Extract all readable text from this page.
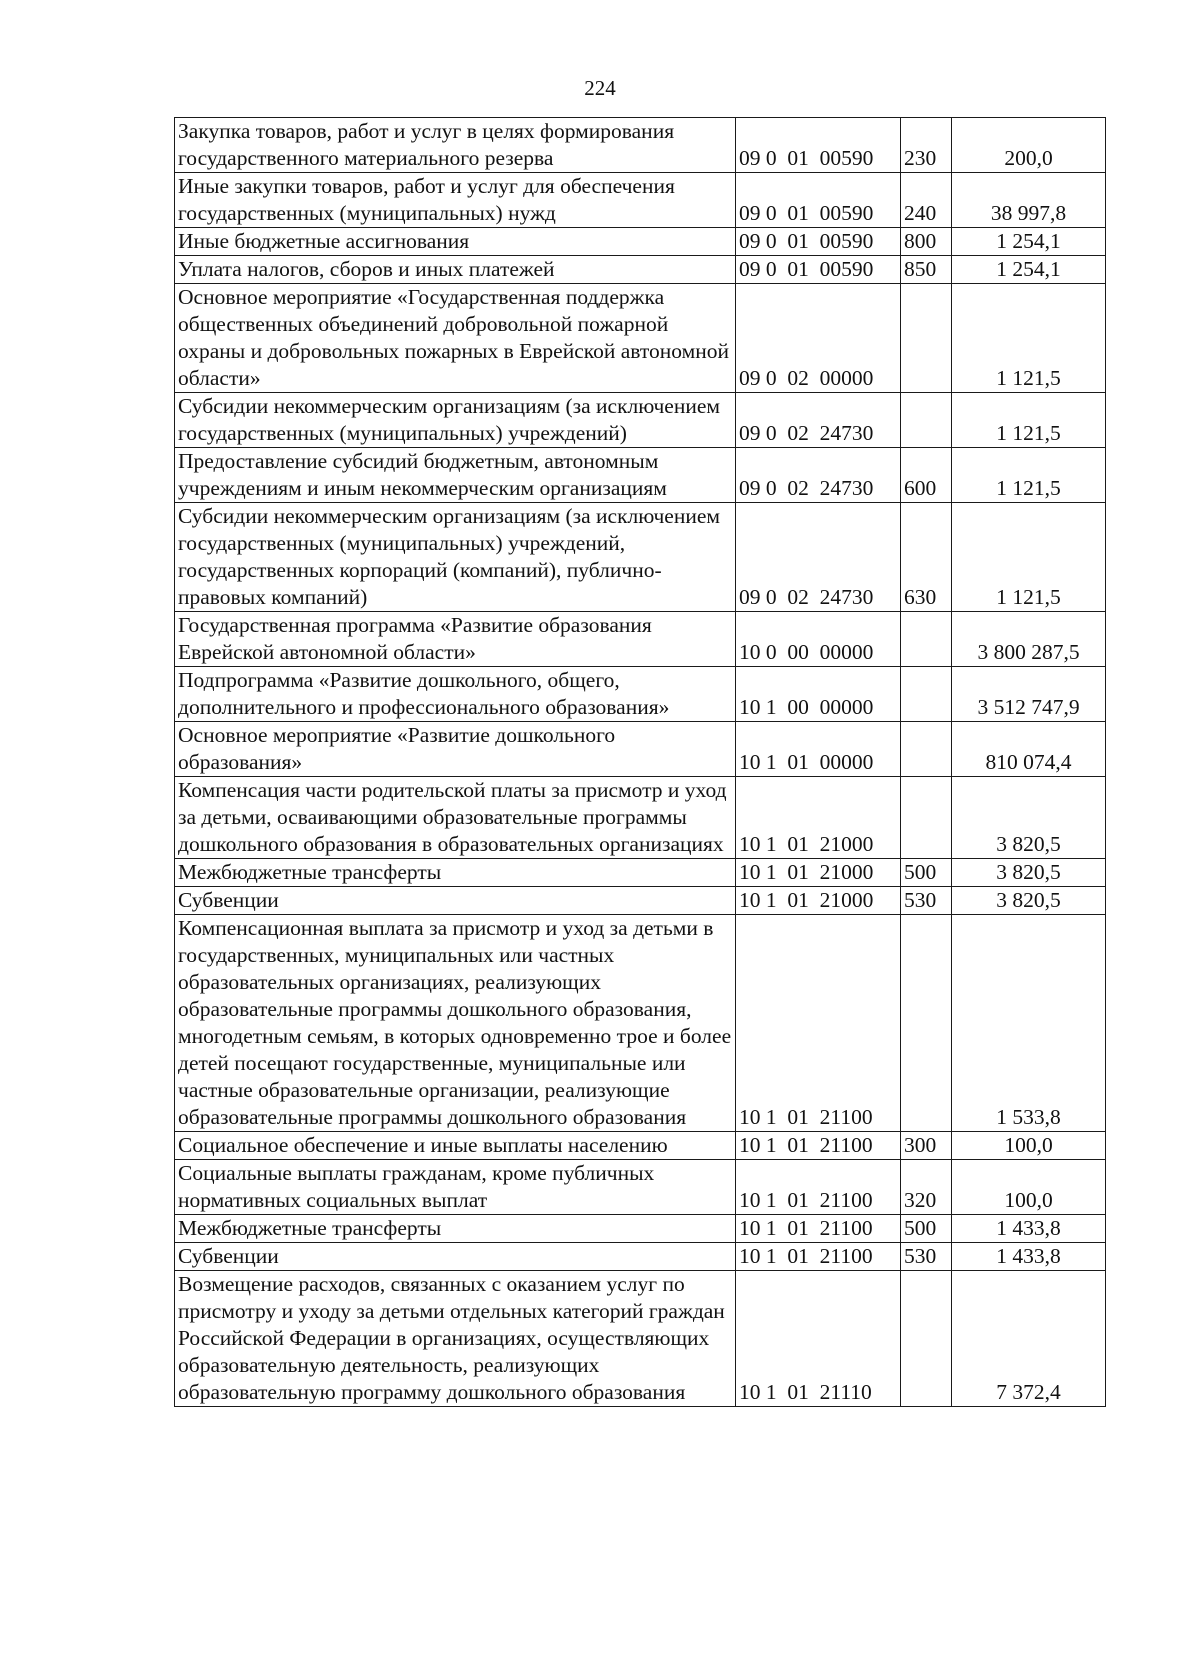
224
Закупка товаров, работ и услуг в целях формирования государственного материального резерва	09 0  01  00590	230	200,0
Иные закупки товаров, работ и услуг для обеспечения государственных (муниципальных) нужд	09 0  01  00590	240	38 997,8
Иные бюджетные ассигнования	09 0  01  00590	800	1 254,1
Уплата налогов, сборов и иных платежей	09 0  01  00590	850	1 254,1
Основное мероприятие «Государственная поддержка общественных объединений добровольной пожарной охраны и добровольных пожарных в Еврейской автономной области»	09 0  02  00000		1 121,5
Субсидии некоммерческим организациям (за исключением государственных (муниципальных) учреждений)	09 0  02  24730		1 121,5
Предоставление субсидий бюджетным, автономным учреждениям и иным некоммерческим организациям	09 0  02  24730	600	1 121,5
Субсидии некоммерческим организациям (за исключением государственных (муниципальных) учреждений, государственных корпораций (компаний), публично-правовых компаний)	09 0  02  24730	630	1 121,5
Государственная программа «Развитие образования Еврейской автономной области»	10 0  00  00000		3 800 287,5
Подпрограмма «Развитие дошкольного, общего, дополнительного и профессионального образования»	10 1  00  00000		3 512 747,9
Основное мероприятие «Развитие дошкольного образования»	10 1  01  00000		810 074,4
Компенсация части родительской платы за присмотр и уход за детьми, осваивающими образовательные программы дошкольного образования в образовательных организациях	10 1  01  21000		3 820,5
Межбюджетные трансферты	10 1  01  21000	500	3 820,5
Субвенции	10 1  01  21000	530	3 820,5
Компенсационная выплата за присмотр и уход за детьми в государственных, муниципальных или частных образовательных организациях, реализующих образовательные программы дошкольного образования, многодетным семьям, в которых одновременно трое и более детей посещают государственные, муниципальные или частные образовательные организации, реализующие образовательные программы дошкольного образования	10 1  01  21100		1 533,8
Социальное обеспечение и иные выплаты населению	10 1  01  21100	300	100,0
Социальные выплаты гражданам, кроме публичных нормативных социальных выплат	10 1  01  21100	320	100,0
Межбюджетные трансферты	10 1  01  21100	500	1 433,8
Субвенции	10 1  01  21100	530	1 433,8
Возмещение расходов, связанных с оказанием услуг по присмотру и уходу за детьми отдельных категорий граждан Российской Федерации в организациях, осуществляющих образовательную деятельность, реализующих образовательную программу дошкольного образования	10 1  01  21110		7 372,4
